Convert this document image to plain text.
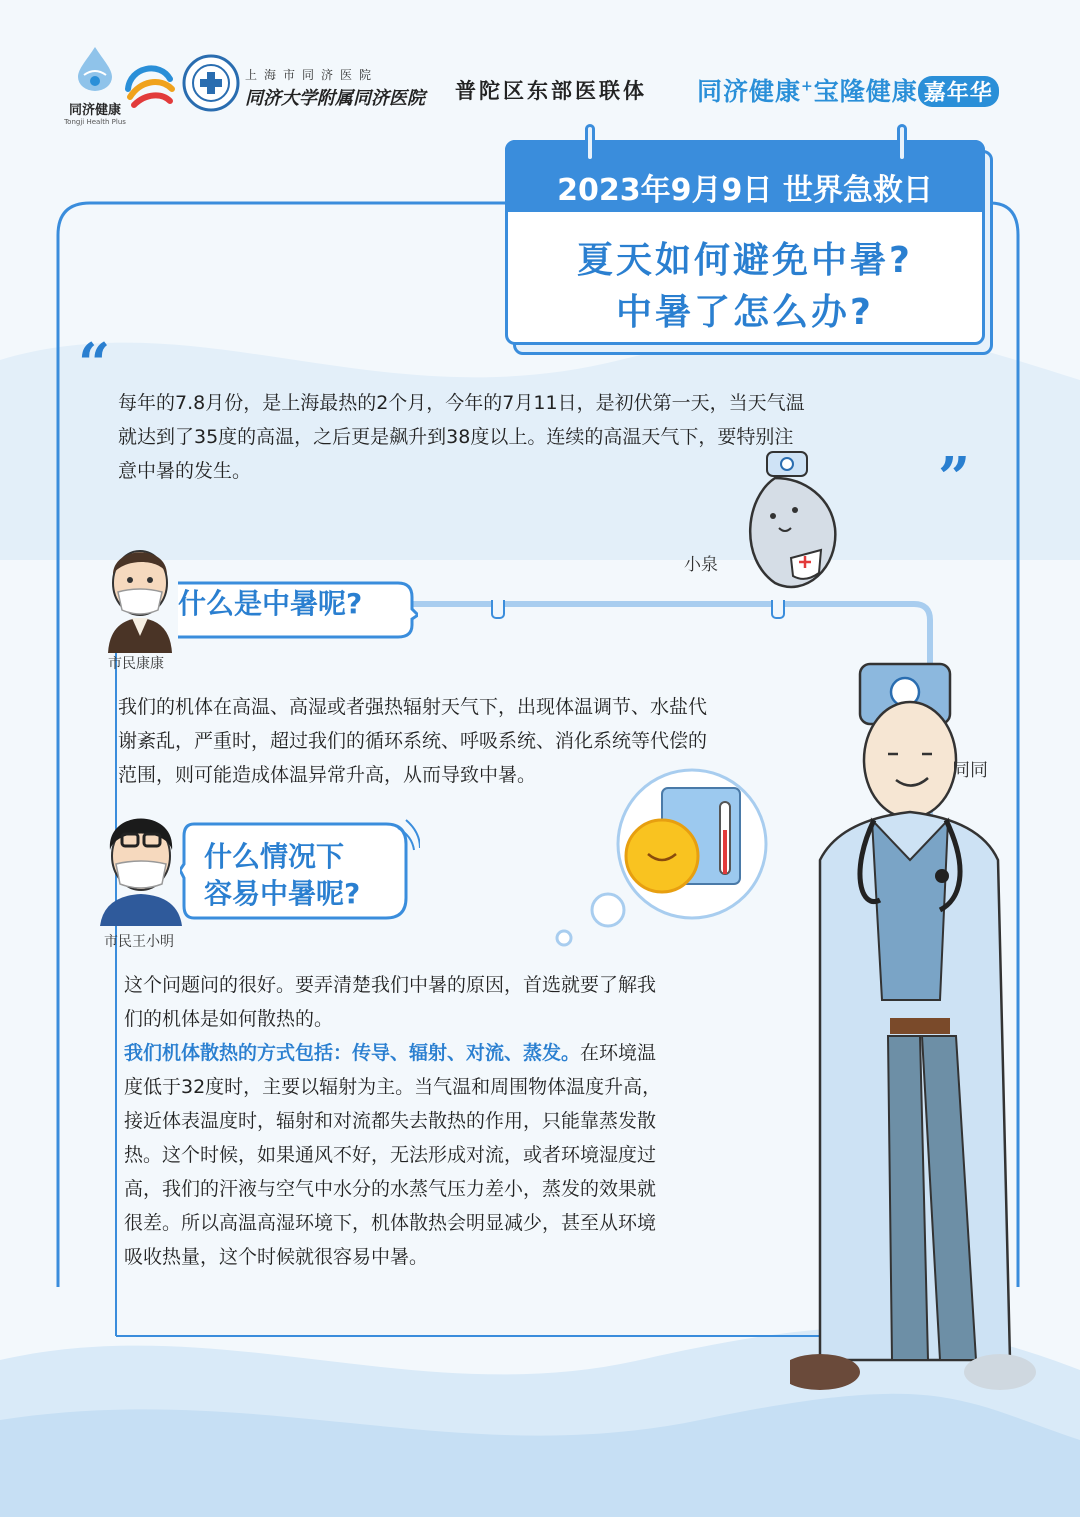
同济健康
Tongji Health Plus
上海市同济医院
同济大学附属同济医院 普陀区东部医联体 同济健康+宝隆健康 嘉年华
2023年9月9日 世界急救日
夏天如何避免中暑?
中暑了怎么办?
“
”
每年的7.8月份，是上海最热的2个月，今年的7月11日，是初伏第一天，当天气温
就达到了35度的高温，之后更是飙升到38度以上。连续的高温天气下，要特别注
意中暑的发生。
小泉
市民康康
什么是中暑呢?
我们的机体在高温、高湿或者强热辐射天气下，出现体温调节、水盐代
谢紊乱，严重时，超过我们的循环系统、呼吸系统、消化系统等代偿的
范围，则可能造成体温异常升高，从而导致中暑。
市民王小明
什么情况下
容易中暑呢?
同同
这个问题问的很好。要弄清楚我们中暑的原因，首选就要了解我
们的机体是如何散热的。
我们机体散热的方式包括：传导、辐射、对流、蒸发。在环境温
度低于32度时，主要以辐射为主。当气温和周围物体温度升高，
接近体表温度时，辐射和对流都失去散热的作用，只能靠蒸发散
热。这个时候，如果通风不好，无法形成对流，或者环境湿度过
高，我们的汗液与空气中水分的水蒸气压力差小，蒸发的效果就
很差。所以高温高湿环境下，机体散热会明显减少，甚至从环境
吸收热量，这个时候就很容易中暑。
